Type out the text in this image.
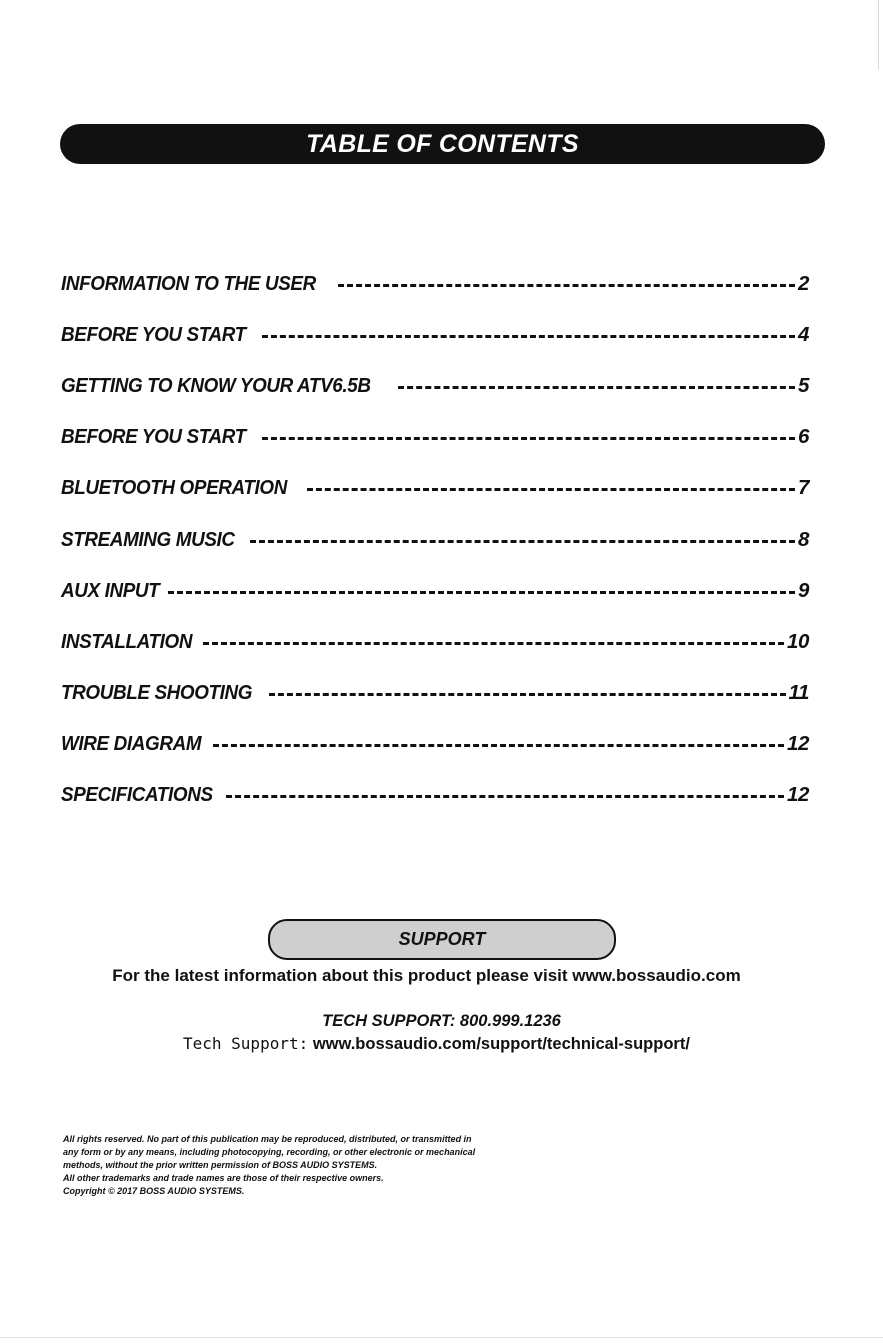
TABLE OF CONTENTS
INFORMATION TO THE USER	2
BEFORE YOU START	4
GETTING TO KNOW YOUR ATV6.5B	5
BEFORE YOU START	6
BLUETOOTH OPERATION	7
STREAMING MUSIC	8
AUX INPUT	9
INSTALLATION	10
TROUBLE SHOOTING	11
WIRE DIAGRAM	12
SPECIFICATIONS	12
SUPPORT
For the latest information about this product please visit www.bossaudio.com
TECH SUPPORT: 800.999.1236
Tech Support: www.bossaudio.com/support/technical-support/

All rights reserved. No part of this publication may be reproduced, distributed, or transmitted in

any form or by any means, including photocopying, recording, or other electronic or mechanical

methods, without the prior written permission of BOSS AUDIO SYSTEMS.

All other trademarks and trade names are those of their respective owners.

Copyright © 2017 BOSS AUDIO SYSTEMS.
